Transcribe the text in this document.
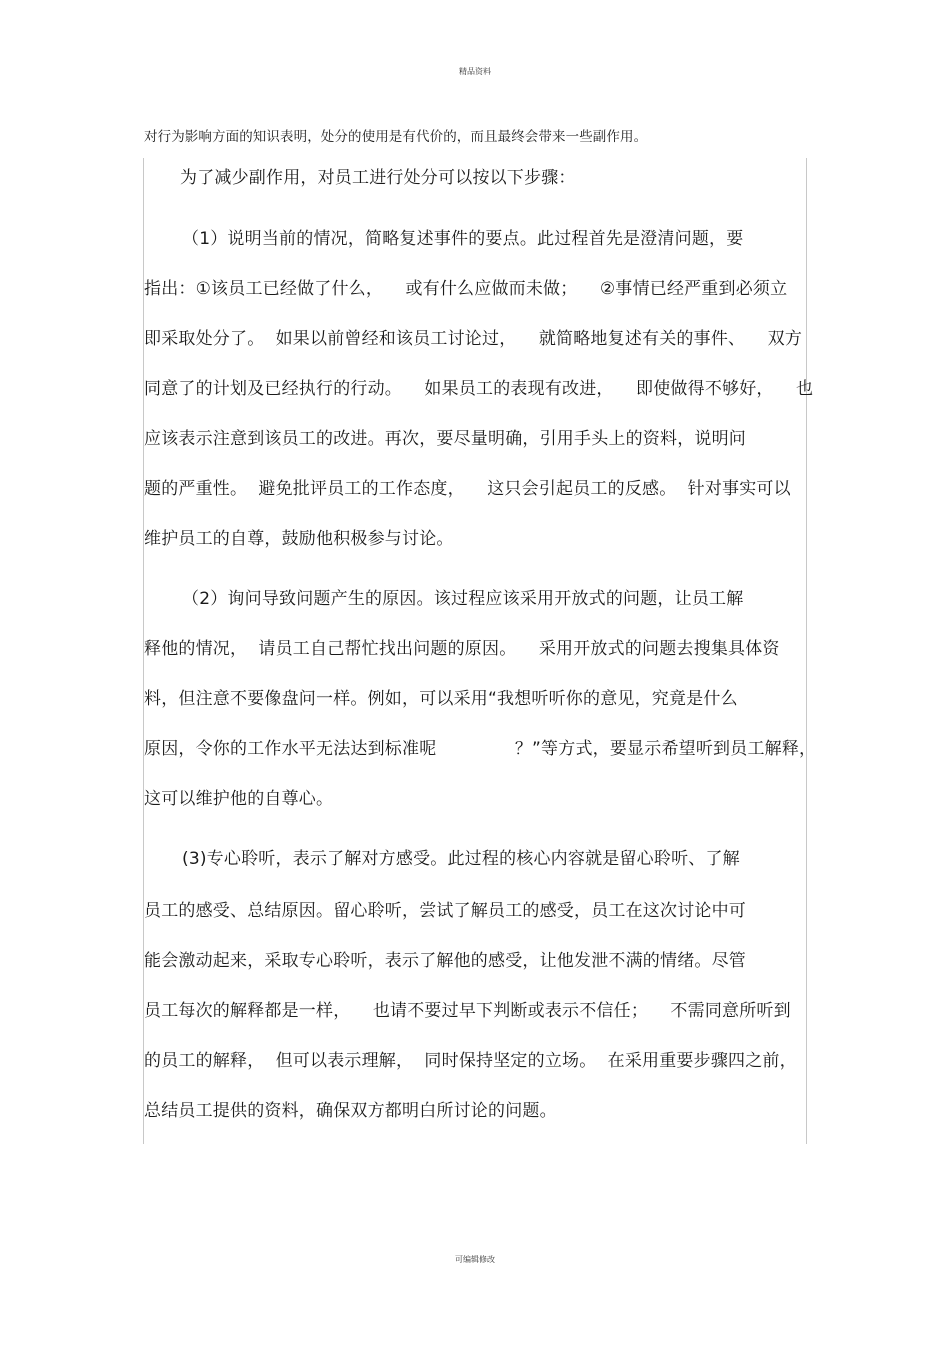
精品资料
对行为影响方面的知识表明，处分的使用是有代价的，而且最终会带来一些副作用。
为了减少副作用，对员工进行处分可以按以下步骤：
（1）说明当前的情况，简略复述事件的要点。此过程首先是澄清问题，要
指出：①该员工已经做了什么，    或有什么应做而未做；    ②事情已经严重到必须立
即采取处分了。  如果以前曾经和该员工讨论过，    就简略地复述有关的事件、    双方
同意了的计划及已经执行的行动。    如果员工的表现有改进，    即使做得不够好，    也
应该表示注意到该员工的改进。再次，要尽量明确，引用手头上的资料，说明问
题的严重性。  避免批评员工的工作态度，    这只会引起员工的反感。  针对事实可以
维护员工的自尊，鼓励他积极参与讨论。
（2）询问导致问题产生的原因。该过程应该采用开放式的问题，让员工解
释他的情况，  请员工自己帮忙找出问题的原因。    采用开放式的问题去搜集具体资
料，但注意不要像盘问一样。例如，可以采用“我想听听你的意见，究竟是什么
原因，令你的工作水平无法达到标准呢              ？”等方式，要显示希望听到员工解释，
这可以维护他的自尊心。
(3)专心聆听，表示了解对方感受。此过程的核心内容就是留心聆听、了解
员工的感受、总结原因。留心聆听，尝试了解员工的感受，员工在这次讨论中可
能会激动起来，采取专心聆听，表示了解他的感受，让他发泄不满的情绪。尽管
员工每次的解释都是一样，    也请不要过早下判断或表示不信任；    不需同意所听到
的员工的解释，  但可以表示理解，  同时保持坚定的立场。  在采用重要步骤四之前，
总结员工提供的资料，确保双方都明白所讨论的问题。
可编辑修改
